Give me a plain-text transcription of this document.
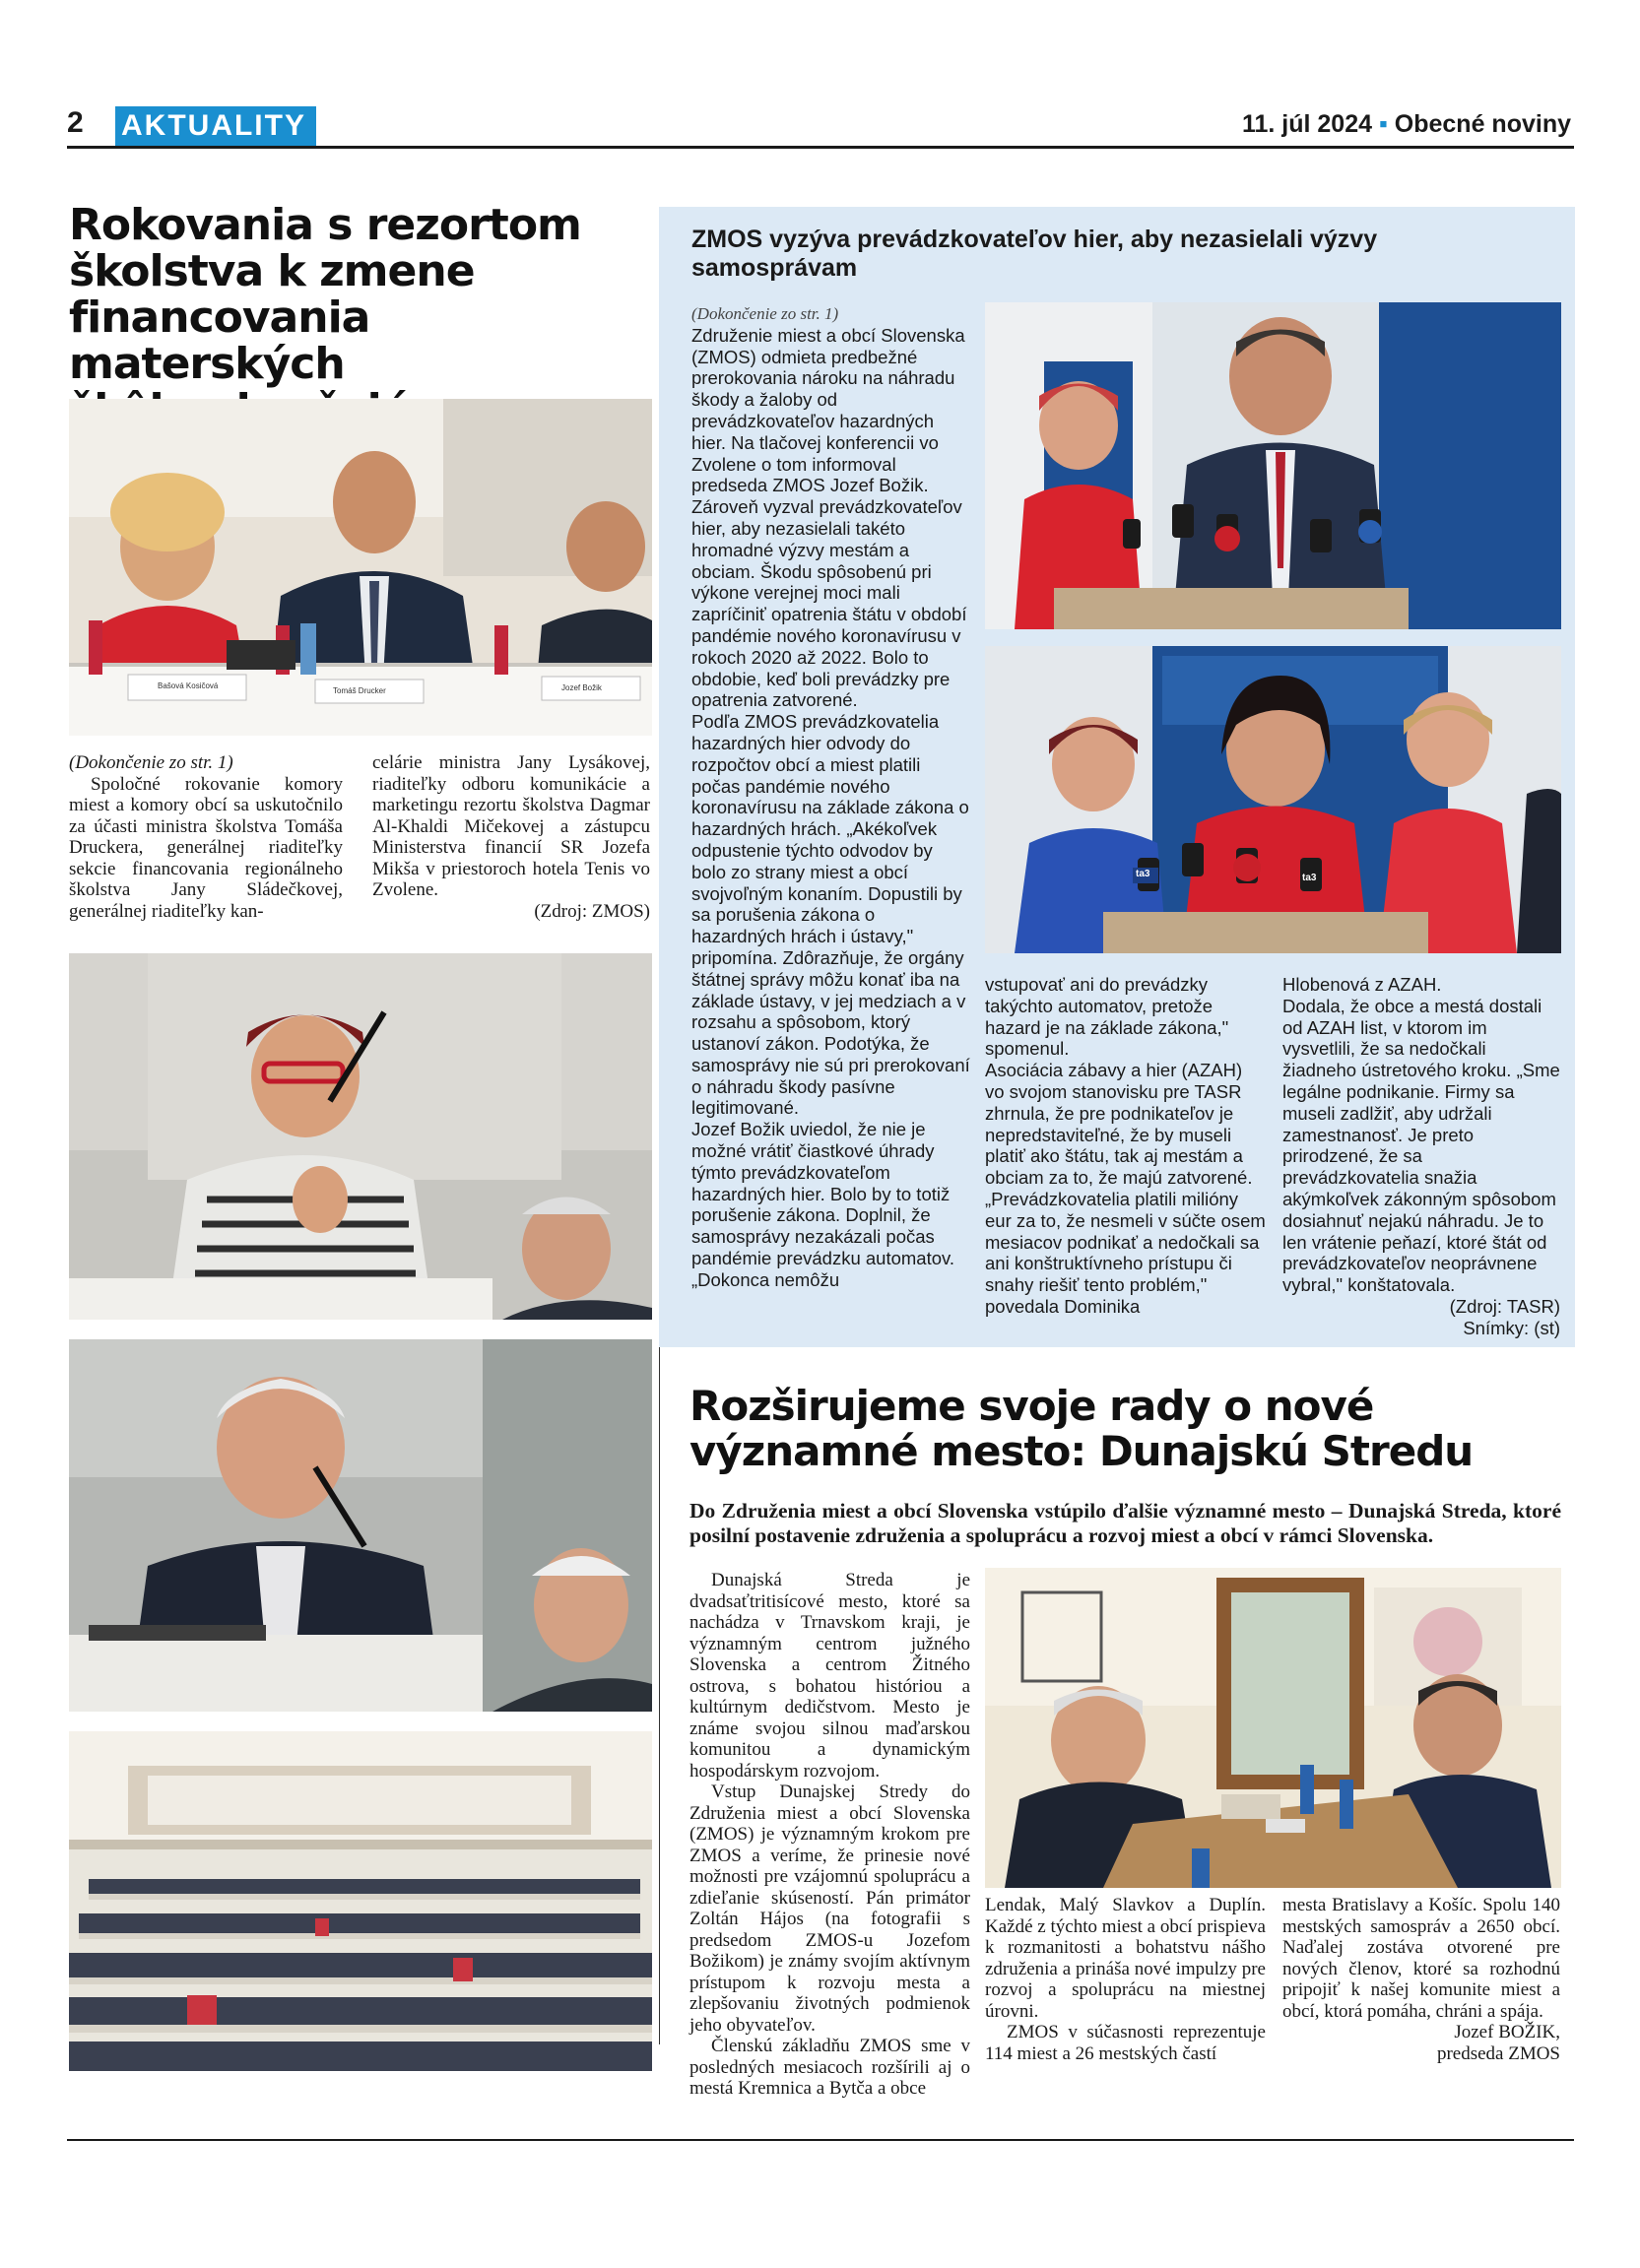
2 AKTUALITY	11. júl 2024 ▪ Obecné noviny
Rokovania s rezortom
školstva k zmene
financovania materských
Bašová Kosičová
Tomáš Drucker	Jozef Božik
(Dokončenie zo str. 1)

Spoločné rokovanie komory miest a komory obcí sa uskutočnilo za účasti ministra školstva Tomáša Druckera, generálnej riaditeľky sekcie financovania regionálneho školstva Jany Sládečkovej, generálnej riaditeľky kan-

celárie ministra Jany Lysákovej, riaditeľky odboru komunikácie a marketingu rezortu školstva Dagmar Al-Khaldi Mičekovej a zástupcu Ministerstva financií SR Jozefa Mikša v priestoroch hotela Tenis vo Zvolene.

(Zdroj: ZMOS)
ZMOS vyzýva prevádzkovateľov hier, aby nezasielali výzvy
samosprávam
ta3	ta3
(Dokončenie zo str. 1)

Združenie miest a obcí Slovenska (ZMOS) odmieta predbežné prerokovania nároku na náhradu škody a žaloby od prevádzkovateľov hazardných hier. Na tlačovej konferencii vo Zvolene o tom informoval predseda ZMOS Jozef Božik. Zároveň vyzval prevádzkovateľov hier, aby nezasielali takéto hromadné výzvy mestám a obciam. Škodu spôsobenú pri výkone verejnej moci mali zapríčiniť opatrenia štátu v období pandémie nového koronavírusu v rokoch 2020 až 2022. Bolo to obdobie, keď boli prevádzky pre opatrenia zatvorené.

Podľa ZMOS prevádzkovatelia hazardných hier odvody do rozpočtov obcí a miest platili počas pandémie nového koronavírusu na základe zákona o hazardných hrách. „Akékoľvek odpustenie týchto odvodov by bolo zo strany miest a obcí svojvoľným konaním. Dopustili by sa porušenia zákona o hazardných hrách i ústavy," pripomína. Zdôrazňuje, že orgány štátnej správy môžu konať iba na základe ústavy, v jej medziach a v rozsahu a spôsobom, ktorý ustanoví zákon. Podotýka, že samosprávy nie sú pri prerokovaní o náhradu škody pasívne legitimované.

Jozef Božik uviedol, že nie je možné vrátiť čiastkové úhrady týmto prevádzkovateľom hazardných hier. Bolo by to totiž porušenie zákona. Doplnil, že samosprávy nezakázali počas pandémie prevádzku automatov. „Dokonca nemôžu

vstupovať ani do prevádzky takýchto automatov, pretože hazard je na základe zákona," spomenul.

Asociácia zábavy a hier (AZAH) vo svojom stanovisku pre TASR zhrnula, že pre podnikateľov je nepredstaviteľné, že by museli platiť ako štátu, tak aj mestám a obciam za to, že majú zatvorené. „Prevádzkovatelia platili milióny eur za to, že nesmeli v súčte osem mesiacov podnikať a nedočkali sa ani konštruktívneho prístupu či snahy riešiť tento problém," povedala Dominika

Hlobenová z AZAH.

Dodala, že obce a mestá dostali od AZAH list, v ktorom im vysvetlili, že sa nedočkali žiadneho ústretového kroku. „Sme legálne podnikanie. Firmy sa museli zadlžiť, aby udržali zamestnanosť. Je preto prirodzené, že sa prevádzkovatelia snažia akýmkoľvek zákonným spôsobom dosiahnuť nejakú náhradu. Je to len vrátenie peňazí, ktoré štát od prevádzkovateľov neoprávnene vybral," konštatovala.

(Zdroj: TASR)
Snímky: (st)
Rozširujeme svoje rady o nové
významné mesto: Dunajskú Stredu
Do Združenia miest a obcí Slovenska vstúpilo ďalšie významné mesto – Dunajská Streda, ktoré posilní postavenie združenia a spoluprácu a rozvoj miest a obcí v rámci Slovenska.

Dunajská Streda je dvadsaťtritisícové mesto, ktoré sa nachádza v Trnavskom kraji, je významným centrom južného Slovenska a centrom Žitného ostrova, s bohatou históriou a kultúrnym dedičstvom. Mesto je známe svojou silnou maďarskou komunitou a dynamickým hospodárskym rozvojom.

Vstup Dunajskej Stredy do Združenia miest a obcí Slovenska (ZMOS) je významným krokom pre ZMOS a veríme, že prinesie nové možnosti pre vzájomnú spoluprácu a zdieľanie skúseností. Pán primátor Zoltán Hájos (na fotografii s predsedom ZMOS-u Jozefom Božikom) je známy svojím aktívnym prístupom k rozvoju mesta a zlepšovaniu životných podmienok jeho obyvateľov.

Členskú základňu ZMOS sme v posledných mesiacoch rozšírili aj o mestá Kremnica a Bytča a obce

Lendak, Malý Slavkov a Duplín. Každé z týchto miest a obcí prispieva k rozmanitosti a bohatstvu nášho združenia a prináša nové impulzy pre rozvoj a spoluprácu na miestnej úrovni.

ZMOS v súčasnosti reprezentuje 114 miest a 26 mestských častí

mesta Bratislavy a Košíc. Spolu 140 mestských samospráv a 2650 obcí. Naďalej zostáva otvorené pre nových členov, ktoré sa rozhodnú pripojiť k našej komunite miest a obcí, ktorá pomáha, chráni a spája.

Jozef BOŽIK,
predseda ZMOS
